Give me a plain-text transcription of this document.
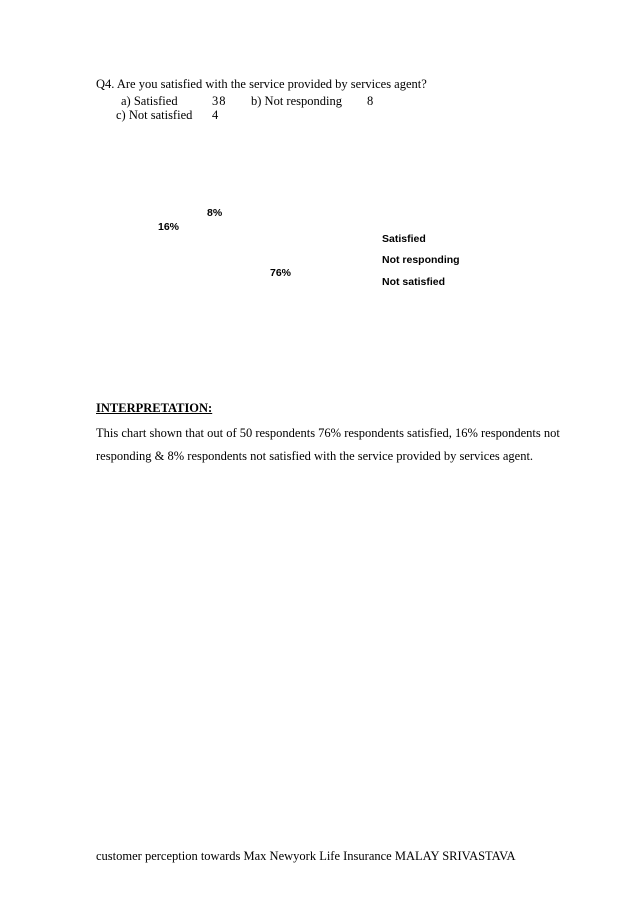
Q4. Are you satisfied with the service provided by services agent?
a) Satisfied	38 b) Not responding 8
c) Not satisfied 4
8%
16%
76%
Satisfied
Not responding
Not satisfied
INTERPRETATION:
This chart shown that out of 50 respondents 76% respondents satisfied, 16% respondents not responding & 8% respondents not satisfied with the service provided by services agent.
customer perception towards Max Newyork Life Insurance MALAY SRIVASTAVA
